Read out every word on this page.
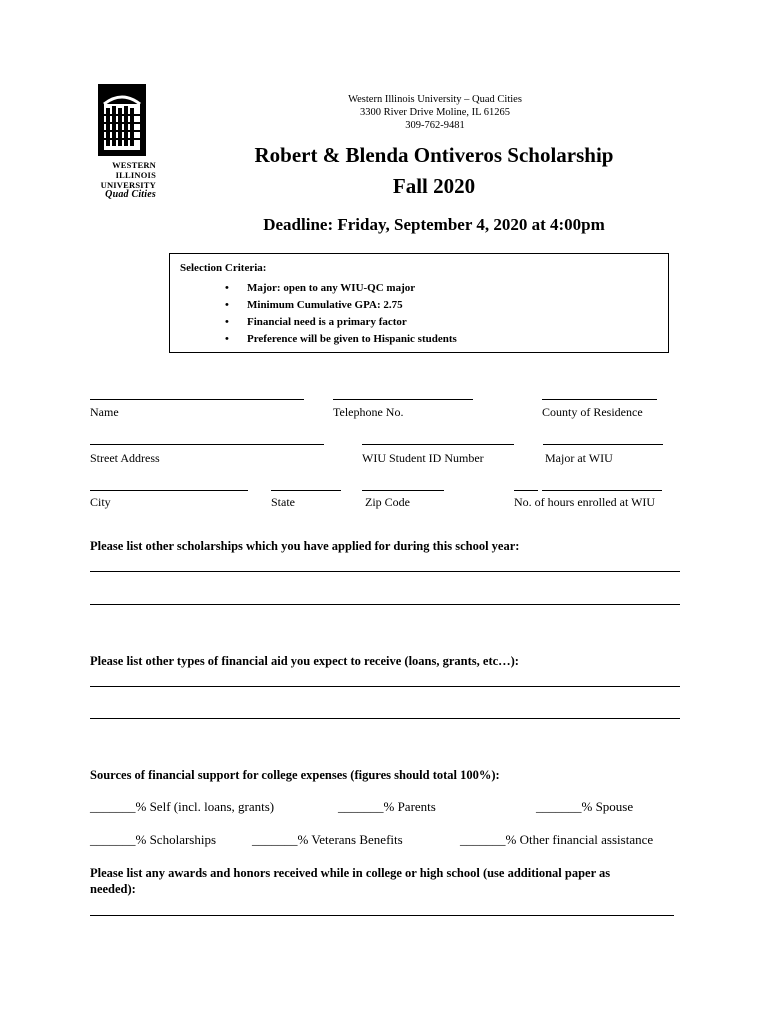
WESTERN
ILLINOIS
UNIVERSITY
Quad Cities
Western Illinois University – Quad Cities
3300 River Drive Moline, IL 61265
309-762-9481
Robert & Blenda Ontiveros Scholarship
Fall 2020
Deadline: Friday, September 4, 2020 at 4:00pm
Selection Criteria:
• Major: open to any WIU-QC major
• Minimum Cumulative GPA: 2.75
• Financial need is a primary factor
• Preference will be given to Hispanic students
Name	Telephone No.	County of Residence
Street Address	WIU Student ID Number	Major at WIU
City	State	Zip Code	No. of hours enrolled at WIU
Please list other scholarships which you have applied for during this school year:
Please list other types of financial aid you expect to receive (loans, grants, etc…):
Sources of financial support for college expenses (figures should total 100%):
_______% Self (incl. loans, grants)	_______% Parents	_______% Spouse
_______% Scholarships	_______% Veterans Benefits	_______% Other financial assistance
Please list any awards and honors received while in college or high school (use additional paper as
needed):
